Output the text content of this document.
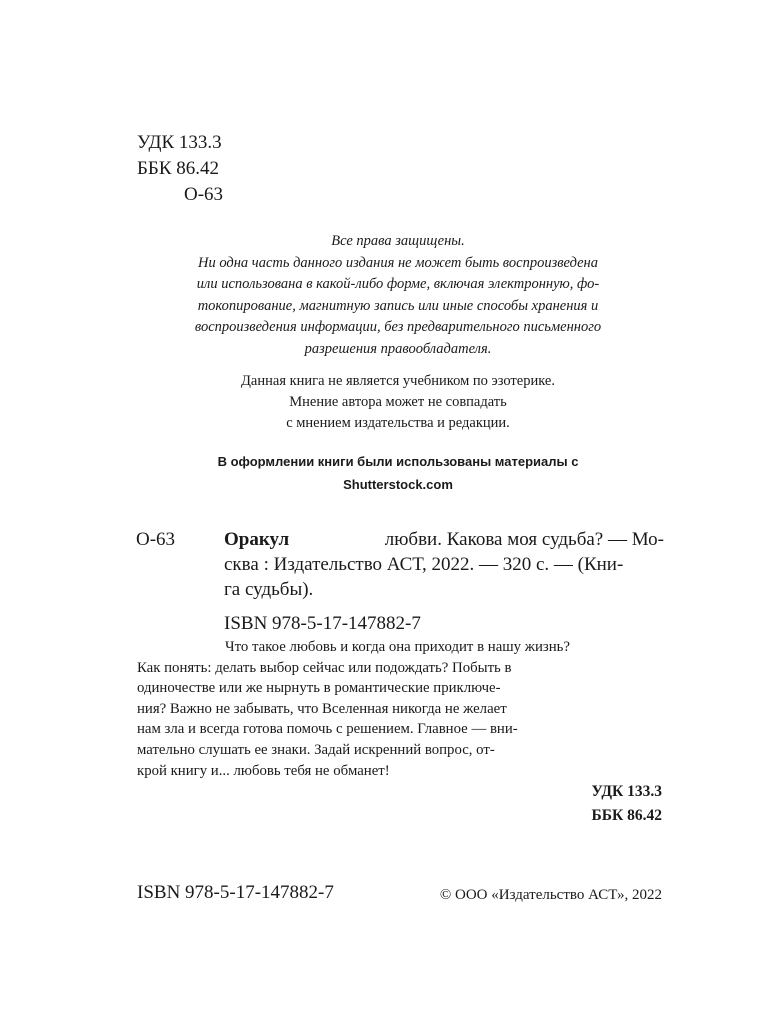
УДК 133.3
ББК 86.42
О-63
Все права защищены.
Ни одна часть данного издания не может быть воспроизведена
или использована в какой-либо форме, включая электронную, фо-
токопирование, магнитную запись или иные способы хранения и
воспроизведения информации, без предварительного письменного
разрешения правообладателя.
Данная книга не является учебником по эзотерике.
Мнение автора может не совпадать
с мнением издательства и редакции.
В оформлении книги были использованы материалы с
Shutterstock.com
О-63	Оракул	любви. Какова моя судьба? — Мо-
сква : Издательство АСТ, 2022. — 320 с. — (Кни-
га судьбы).
ISBN 978-5-17-147882-7
Что такое любовь и когда она приходит в нашу жизнь?
Как понять: делать выбор сейчас или подождать? Побыть в
одиночестве или же нырнуть в романтические приключе-
ния? Важно не забывать, что Вселенная никогда не желает
нам зла и всегда готова помочь с решением. Главное — вни-
мательно слушать ее знаки. Задай искренний вопрос, от-
крой книгу и... любовь тебя не обманет!
УДК 133.3
ББК 86.42
ISBN 978-5-17-147882-7	© ООО «Издательство АСТ», 2022
